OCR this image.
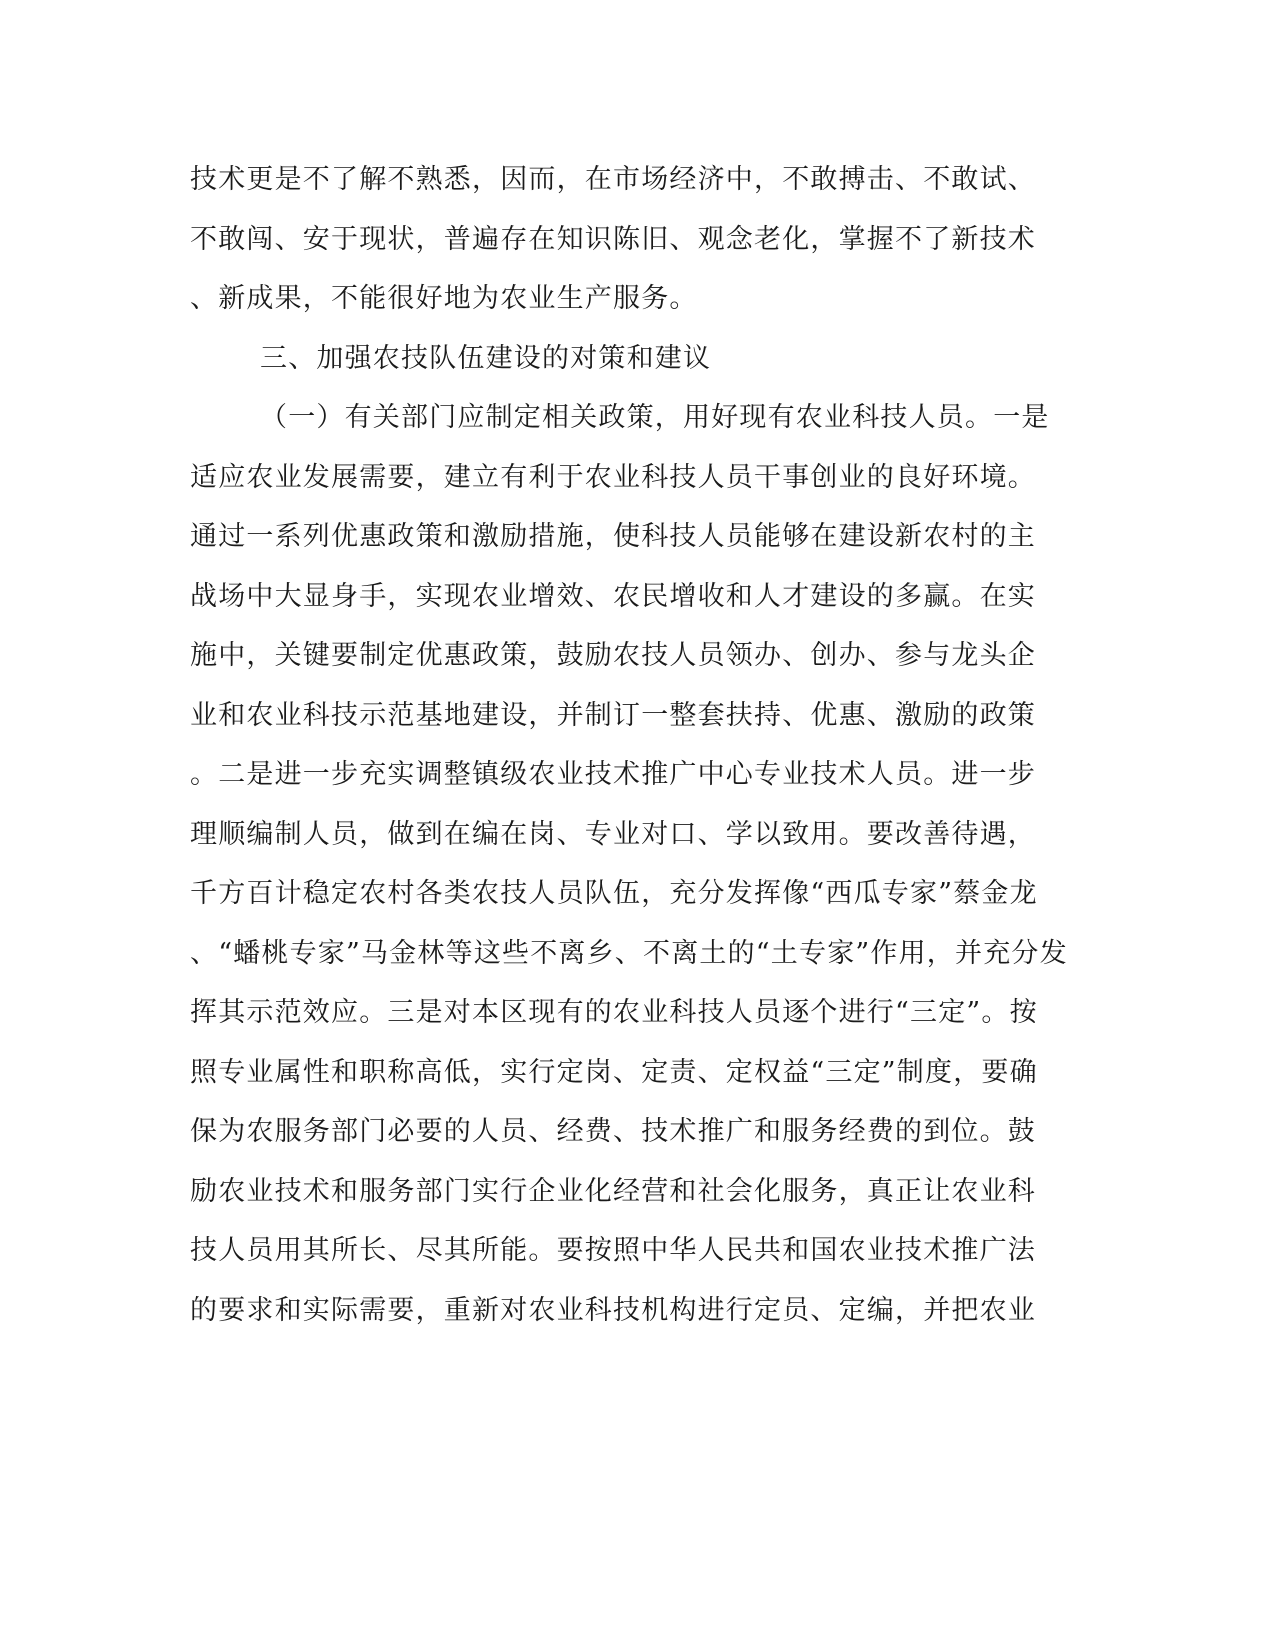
技术更是不了解不熟悉，因而，在市场经济中，不敢搏击、不敢试、
不敢闯、安于现状，普遍存在知识陈旧、观念老化，掌握不了新技术
、新成果，不能很好地为农业生产服务。
三、加强农技队伍建设的对策和建议
（一）有关部门应制定相关政策，用好现有农业科技人员。一是
适应农业发展需要，建立有利于农业科技人员干事创业的良好环境。
通过一系列优惠政策和激励措施，使科技人员能够在建设新农村的主
战场中大显身手，实现农业增效、农民增收和人才建设的多赢。在实
施中，关键要制定优惠政策，鼓励农技人员领办、创办、参与龙头企
业和农业科技示范基地建设，并制订一整套扶持、优惠、激励的政策
。二是进一步充实调整镇级农业技术推广中心专业技术人员。进一步
理顺编制人员，做到在编在岗、专业对口、学以致用。要改善待遇，
千方百计稳定农村各类农技人员队伍，充分发挥像“西瓜专家”蔡金龙
、“蟠桃专家”马金林等这些不离乡、不离土的“土专家”作用，并充分发
挥其示范效应。三是对本区现有的农业科技人员逐个进行“三定”。按
照专业属性和职称高低，实行定岗、定责、定权益“三定”制度，要确
保为农服务部门必要的人员、经费、技术推广和服务经费的到位。鼓
励农业技术和服务部门实行企业化经营和社会化服务，真正让农业科
技人员用其所长、尽其所能。要按照中华人民共和国农业技术推广法
的要求和实际需要，重新对农业科技机构进行定员、定编，并把农业
